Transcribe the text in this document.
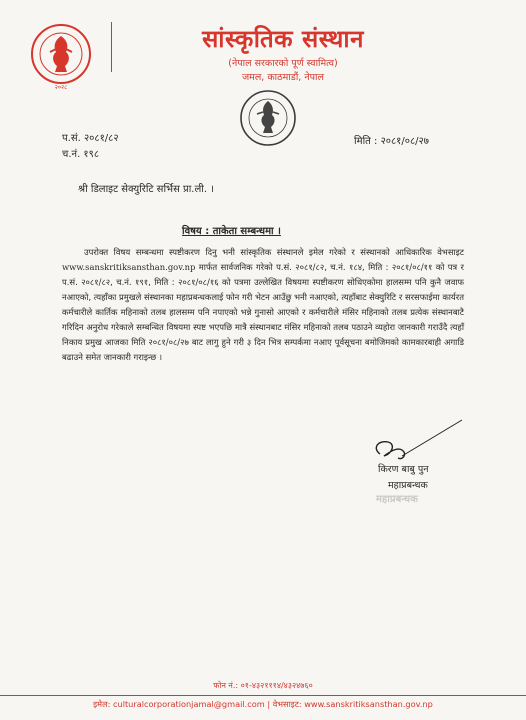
२०२८
सांस्कृतिक संस्थान
(नेपाल सरकारको पूर्ण स्वामित्व)
जमल, काठमाडौं, नेपाल
प.सं. २०८१/८२
च.नं. १९८
मिति : २०८१/०८/२७
श्री डिलाइट सेक्युरिटि सर्भिस प्रा.ली. ।
विषय : ताकेता सम्बन्धमा ।
उपरोक्त विषय सम्बन्धमा स्पष्टीकरण दिनु भनी सांस्कृतिक संस्थानले इमेल गरेको र संस्थानको आधिकारिक वेभसाइट www.sanskritiksansthan.gov.np मार्फत सार्वजनिक गरेको प.सं. २०८१/८२, च.नं. १८४, मिति : २०८१/०८/११ को पत्र र प.सं. २०८१/८२, च.नं. १९१, मिति : २०८१/०८/१६ को पत्रमा उल्लेखित विषयमा स्पष्टीकरण सोधिएकोमा हालसम्म पनि कुनै जवाफ नआएको, त्यहाँका प्रमुखले संस्थानका महाप्रबन्धकलाई फोन गरी भेटन आउँछु भनी नआएको, त्यहाँबाट सेक्युरिटि र सरसफाईमा कार्यरत कर्मचारीले कार्तिक महिनाको तलब हालसम्म पनि नपाएको भन्ने गुनासो आएको र कर्मचारीले मंसिर महिनाको तलब प्रत्येक संस्थानबाटै गरिदिन अनुरोध गरेकाले सम्बन्धित विषयमा स्पष्ट भएपछि मात्रै संस्थानबाट मंसिर महिनाको तलब पठाउने व्यहोरा जानकारी गराउँदै त्यहाँ निकाय प्रमुख आजका मिति २०८१/०८/२७ बाट लागु हुने गरी ३ दिन भित्र सम्पर्कमा नआए पूर्वसूचना बमोजिमको कामकारबाही अगाडि बढाउने समेत जानकारी गराइन्छ ।
किरण बाबु पुन
महाप्रबन्धक
महाप्रबन्धक
फोन नं.: ०१-४३२१११४/४३२४७६०
इमेल: culturalcorporationjamal@gmail.com | वेभसाइट: www.sanskritiksansthan.gov.np
